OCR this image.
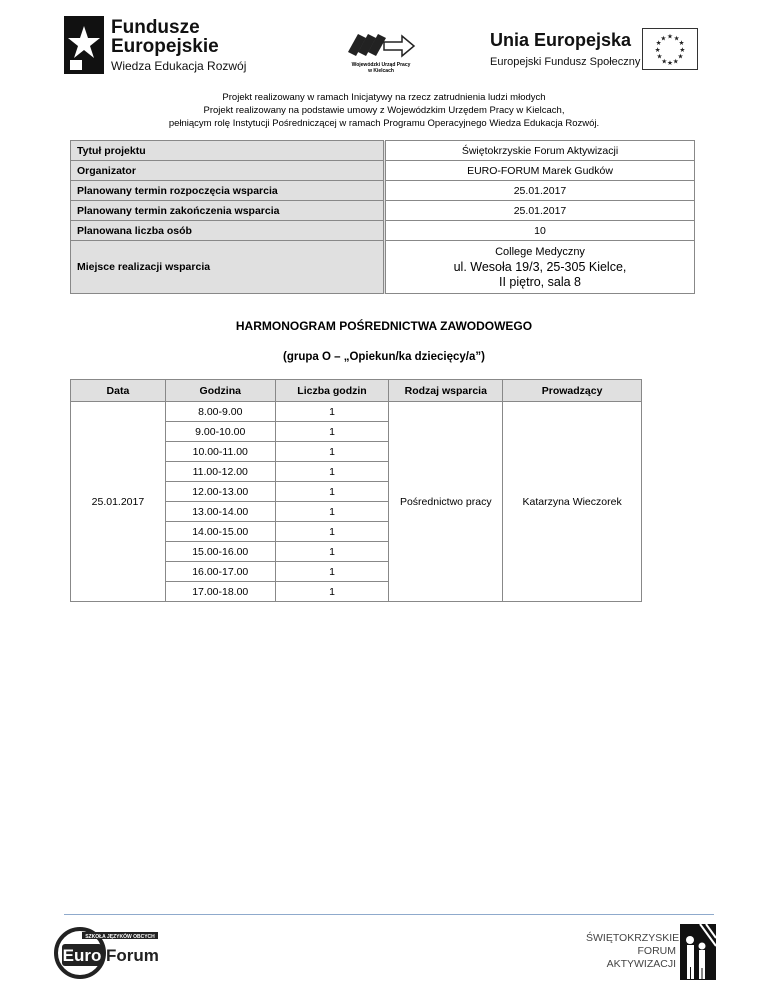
Fundusze
Europejskie
Wiedza Edukacja Rozwój	Wojewódzki Urząd Pracy
w Kielcach
Unia Europejska
Europejski Fundusz Społeczny
★ ★
★
★
★
★
★
★
★
★
★
★
Projekt realizowany w ramach Inicjatywy na rzecz zatrudnienia ludzi młodych
Projekt realizowany na podstawie umowy z Wojewódzkim Urzędem Pracy w Kielcach,
pełniącym rolę Instytucji Pośredniczącej w ramach Programu Operacyjnego Wiedza Edukacja Rozwój.
Tytuł projektu	Świętokrzyskie Forum Aktywizacji
Organizator	EURO-FORUM Marek Gudków
Planowany termin rozpoczęcia wsparcia	25.01.2017
Planowany termin zakończenia wsparcia	25.01.2017
Planowana liczba osób	10
Miejsce realizacji wsparcia	College Medyczny
ul. Wesoła 19/3, 25-305 Kielce,
II piętro, sala 8
HARMONOGRAM POŚREDNICTWA ZAWODOWEGO
(grupa O – „Opiekun/ka dziecięcy/a”)
Data	Godzina	Liczba godzin	Rodzaj wsparcia	Prowadzący
25.01.2017	8.00-9.00	1	Pośrednictwo pracy	Katarzyna Wieczorek
	9.00-10.00	1		
	10.00-11.00	1		
	11.00-12.00	1		
	12.00-13.00	1		
	13.00-14.00	1		
	14.00-15.00	1		
	15.00-16.00	1		
	16.00-17.00	1		
	17.00-18.00	1		
SZKOŁA JĘZYKÓW OBCYCH
Euro Forum
ŚWIĘTOKRZYSKIE
FORUM
AKTYWIZACJI
